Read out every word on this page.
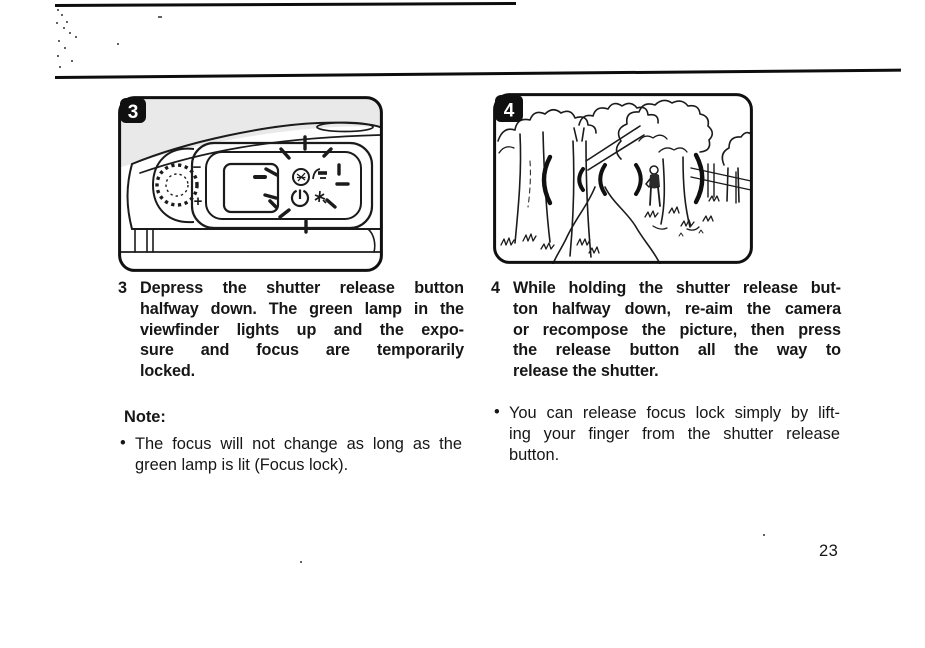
−
+
3	4
3 Depress the shutter release button
halfway down. The green lamp in the
viewfinder lights up and the expo-
sure and focus are temporarily
locked.
Note:
• The focus will not change as long as the
green lamp is lit (Focus lock).
4 While holding the shutter release but-
ton halfway down, re-aim the camera
or recompose the picture, then press
the release button all the way to
release the shutter.
• You can release focus lock simply by lift-
ing your finger from the shutter release
button.
23
